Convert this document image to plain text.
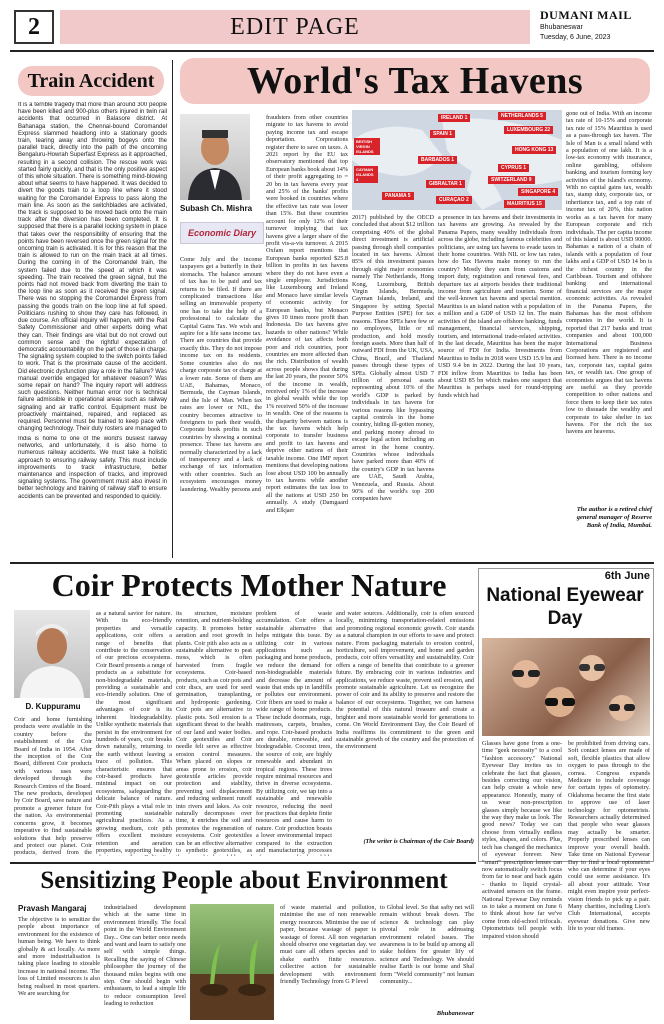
2	EDIT PAGE	DUMANI MAIL
Bhubaneswar
Tuesday, 6 June, 2023
Train Accident
It is a terrible tragedy that more than around 300 people have been killed and 900-plus others injured in twin rail accidents that occurred in Balasore district. At Bahanaga station, the Chennai-bound Coromandel Express slammed headlong into a stationary goods train, tearing away and throwing bogeys onto the parallel track, directly into the path of the oncoming Bengaluru-Howrah Superfast Express as it approached, resulting in a second collision. The rescue work was started fairly quickly, and that is the only positive aspect of this whole situation. There is something mind-blowing about what seems to have happened. It was decided to divert the goods train to a loop line where it stood waiting for the Coromandel Express to pass along the main line. As soon as the switchblades are activated, the track is supposed to be moved back onto the main track after the diversion has been completed. It is supposed that there is a parallel locking system in place that takes over the responsibility of ensuring that the points have been reversed once the green signal for the oncoming train is activated. It is for this reason that the train is allowed to run on the main track at all times. During the coming in of the Coromandel train, the system failed due to the speed at which it was speeding. The train received the green signal, but the points had not moved back from diverting the train to the loop line as soon as it received the green signal. There was no stopping the Coromandel Express from passing the goods train on the loop line at full speed. Politicians rushing to show they care has followed, in due course. An official inquiry will happen, with the Rail Safety Commissioner and other experts doing what they can. Their findings are vital but do not crowd out common sense and the rightful expectation of democratic accountability on the part of those in charge. The signaling system coupled to the switch points failed to work. That is the proximate cause of the accident. Did electronic dysfunction play a role in the failure? Was manual override engaged for whatever reason? Was some repair on hand? The inquiry report will address such questions. Neither human error nor is technical failure admissible in operational areas such as railway signaling and air traffic control. Equipment must be proactively maintained, repaired, and replaced as required. Personnel must be trained to keep pace with changing technology. Their duty rosters are managed to
India is home to one of the world's busiest railway networks, and unfortunately, it is also home to numerous railway accidents. We must take a holistic approach to ensuring railway safety. This must include improvements to track infrastructure, better maintenance and inspection of tracks, and improved signaling systems. The government must also invest in better technology and training of railway staff to ensure accidents can be prevented and responded to quickly.
World's Tax Havens
Subash Ch. Mishra
Economic Diary
Come July and the income taxpayers get a butterfly in their stomachs. The balance amount of tax has to be paid and tax returns to be filed. If there are complicated transactions like selling an immovable property one has to take the help of a professional to calculate the Capital Gains Tax. We wish and aspire for a life sans income tax. There are countries that provide exactly this. They do not impose income tax on its residents. Some countries also do not charge corporate tax or charge at a lower rate. Some of them are UAE, Bahamas, Monaco, Bermuda, the Cayman Islands, and the Isle of Man. When tax rates are lower or NIL, the country becomes attractive to foreigners to park their wealth. Corporate book profits in such countries by showing a nominal presence. These tax havens are normally characterized by a lack of transparency and a lack of exchange of tax information with other countries. Such an ecosystem encourages money laundering. Wealthy persons and
fraudsters from other countries migrate to tax havens to avoid paying income tax and escape deportation. Corporations register there to save on taxes. A 2021 report by the EU tax observatory mentioned that top European banks book about 14% of their profit aggregating to = 20 bn in tax havens every year and 25% of the banks' profits were booked in countries where the effective tax rate was lower than 15%. But these countries account for only 12% of their turnover implying that tax havens give a larger share of the profit vis-a-vis turnover. A 2015 Oxfam report mentions that European banks reported $25.8 billion in profits in tax havens where they do not have even a single employee. Jurisdictions like Luxembourg and Ireland and Monaco have similar levels of economic activity for European banks, but Monaco gives 10 times more profit than Indonesia. Do tax havens give hazards to other nations? While avoidance of tax affects both poor and rich countries, poor countries are more affected than the rich. Distribution of wealth across people shows that during the last 20 years, the poorer 50% of the income in wealth, received only 1% of the increase in global wealth while the top 1% received 50% of the increase in wealth. One of the reasons is the disparity between nations is the tax havens which help corporate to transfer business and profit to tax havens and deprive other nations of their taxable income. One IMF report mentions that developing nations lose about USD 100 bn annually to tax havens while another report estimates the tax loss to all the nations at USD 250 bn annually. A study (Damgaard and Elkjaer
IRELAND 1	NETHERLANDS 5
SPAIN 1
LUXEMBOURG 22
BRITISH VIRGIN ISLANDS	HONG KONG 13
BARBADOS 1
CAYMAN ISLANDS 4
CYPRUS 1
GIBRALTAR 1
SWITZERLAND 9
SINGAPORE 4
PANAMA 5
CURAÇAO 2
MAURITIUS 15
2017) published by the OECD concluded that about $12 trillion comprising 40% of the global direct investment is artificial passing through shell companies located in tax havens. Almost 85% of this investment passes through eight major economies namely The Netherlands, Hong Kong, Luxemburg, British Virgin Islands, Bermuda, Cayman Islands, Ireland, and Singapore by setting Special Purpose Entities (SPE) for tax reasons. These SPEs have few or no employees, little or nil production, and hold mostly foreign assets. More than half of outward FDI from the UK, USA, China, Brazil, and Thailand passes through these types of SPEs. Globally almost USD 7 trillion of personal assets representing about 10% of the world's GDP is parked by individuals in tax havens for various reasons like bypassing capital controls in the home country, hiding ill-gotten money, and parking money abroad to escape legal action including an arrest in the home country. Countries whose individuals have parked more than 40% of the country's GDP in tax havens are UAE, Saudi Arabia, Venezuela, and Russia. About 90% of the world's top 200 companies have
a presence in tax havens and their investments in tax havens are growing. As revealed by the Panama Papers, many wealthy individuals from across the globe, including famous celebrities and politicians, are using tax havens to evade taxes in their home countries. With NIL or low tax rates, how do Tax Havens make money to run the country? Mostly they earn from customs and import duty, registration and renewal fees, and departure tax at airports besides their traditional income from agriculture and tourism. Some of the well-known tax havens and special mention. Mauritius is an island nation with a population of a million and a GDP of USD 12 bn. The main activities of the island are offshore banking, funds management, financial services, shipping, tourism, and international trade-related activities. In the last decade, Mauritius has been the major source of FDI for India. Investments from Mauritius to India in 2018 were USD 15.9 bn and USD 9.4 bn in 2022. During the last 10 years, FDI inflow from Mauritius to India has been about USD 85 bn which makes one suspect that Mauritius is perhaps used for round-tripping funds which had
gone out of India. With an income tax rate of 10-15% and corporate tax rate of 15% Mauritius is used as a pass-through tax haven. The Isle of Man is a small island with a population of one lakh. It is a low-tax economy with insurance, online gambling, offshore banking, and tourism forming key activities of the island's economy. With no capital gains tax, wealth tax, stamp duty, corporate tax, or inheritance tax, and a top rate of income tax of 20%, this nation works as a tax haven for many European corporate and rich individuals. The per capita income of this island is about USD 90000. Bahamas a nation of a chain of islands with a population of four lakhs and a GDP of USD 14 bn is the richest country in the Caribbean. Tourism and offshore banking and international financial services are the major economic activities. As revealed in the Panama Papers, the Bahamas has the most offshore companies in the world. It is reported that 217 banks and trust companies and about 100,000 International Business Corporations are registered and licensed here. There is no income tax, corporate tax, capital gains tax, or wealth tax. One group of economists argues that tax havens are useful as they provide competition to other nations and force them to keep their tax rates low to dissuade the wealthy and corporate to take shelter in tax havens. For the rich the tax havens are heavens.
The author is a retired chief general manager of Reserve Bank of India, Mumbai.
Coir Protects Mother Nature
D. Kuppuramu
Coir and home furnishing products were available in the country before the establishment of the Coir Board of India in 1954. After the inception of the Coir Board, different Coir products with various uses were developed through the Research Centres of the Board. The new products, developed by Coir Board, save nature and promote a greener future for the nation. As environmental concerns grow, it becomes imperative to find sustainable solutions that help preserve and protect our planet. Coir products, derived from the
as a natural savior for nature. With its eco-friendly properties and versatile applications, coir offers a range of benefits that contribute to the conservation of our precious ecosystems. Coir Board presents a range of products as a substitute for non-biodegradable materials, providing a sustainable and eco-friendly solution. One of the most significant advantages of coir is its inherent biodegradability. Unlike synthetic materials that persist in the environment for hundreds of years, coir breaks down naturally, returning to the earth without leaving a trace of pollution. This characteristic ensures that coir-based products have minimal impact on our ecosystems, safeguarding the delicate balance of nature. Coir-Pith plays a vital role in promoting sustainable agricultural practices. As a growing medium, coir pith offers excellent moisture retention and aeration properties, supporting healthy
its structure, moisture retention, and nutrient-holding capacity. It promotes better aeration and root growth in plants. Coir pith also acts as a sustainable alternative to peat moss, which is often harvested from fragile ecosystems. Coir-based products, such as coir pots and coir discs, are used for seed germination, transplanting, and hydroponic gardening. Coir pots are alternative to plastic pots. Soil erosion is a significant threat to the health of our land and water bodies. Coir geotextiles and Coir needle felt serve as effective erosion control measures. When placed on slopes or areas prone to erosion, coir geotextile articles provide protection and stability, preventing soil displacement and reducing sediment runoff into rivers and lakes. As coir naturally decomposes over time, it enriches the soil and promotes the regeneration of ecosystems. Coir geotextiles can be an effective alternative to synthetic geotextiles, as
problem of waste accumulation. Coir offers a sustainable alternative that helps mitigate this issue. By utilizing coir in various applications such as packaging and home products, we reduce the demand for non-biodegradable materials and decrease the amount of waste that ends up in landfills or pollutes our environment. Coir fibers are used to make a wide range of home products. These include doormats, rugs, mattresses, carpets, brushes, and rope. Coir-based products are durable, renewable, and biodegradable. Coconut trees, the source of coir, are highly renewable and abundant in tropical regions. These trees require minimal resources and thrive in diverse ecosystems. By utilizing coir, we tap into a sustainable and renewable resource, reducing the need for practices that deplete finite resources and cause harm to nature. Coir production boasts a lower environmental impact compared to the extraction and manufacturing processes
and water sources. Additionally, coir is often sourced locally, minimizing transportation-related emissions and promoting regional economic growth. Coir stands as a natural champion in our efforts to save and protect nature. From packaging materials to erosion control, horticulture, soil improvement, and home and garden products, coir offers versatility and sustainability. Coir offers a range of benefits that contribute to a greener future. By embracing coir in various industries and applications, we reduce waste, prevent soil erosion, and promote sustainable agriculture. Let us recognize the power of coir and its ability to preserve and restore the balance of our ecosystems. Together, we can harness the potential of this natural treasure and create a brighter and more sustainable world for generations to come. On World Environment Day, the Coir Board of India reaffirms its commitment to the green and sustainable growth of the country and the protection of the environment
(The writer is Chairman of the Coir Board)
6th June
National Eyewear Day
Glasses have gone from a one-time "geek necessity" to a cool "fashion accessory." National Eyewear Day invites us to celebrate the fact that glasses, besides correcting our vision, can help create a whole new appearance. Honestly, many of us wear non-prescription glasses simply because we like the way they make us look. The good news? Today we can choose from virtually endless styles, shapes, and colors. Plus, tech has changed the mechanics of eyewear forever. New "smart" prescription lenses can now automatically switch focus from far to near and back again - thanks to liquid crystal-activated sensors on the frame. National Eyewear Day reminds us to take a moment on June 6 to think about how far we've come from old-school trifocals. Optometrists tell people with impaired vision should
be prohibited from driving cars. Soft contact lenses are made of soft, flexible plastics that allow oxygen to pass through to the cornea. Congress expands Medicare to include coverage for certain types of optometry. Oklahoma became the first state to approve use of laser technology for optometrists. Researchers actually determined that people who wear glasses may actually be smarter. Properly prescribed lenses can improve your overall health. Take time on National Eyewear Day to find a local optometrist who can determine if your eyes could use some assistance. It's all about your attitude. Your might even inspire your perfect-vision friends to pick up a pair. Many charities, including Lion's Club International, accepts eyewear donations. Give new life to your old frames.
Sensitizing People about Environment
Pravash Mangaraj
The objective is to sensitize the people about importance of environment for the existence of human being. We have to think globally & act locally. As more and more industrialisation is taking place leading to sizeable increase in national income. The loss of Limited resources is also being realised in most quarters. We are searching for
industrialised development which at the same time in environment friendly. The focal point in the World Environment Day... One can better once needs and want and learn to satisfy one self with simple things. Recalling the saying of Chinese philosopher the journey of the thousand miles begins with one step. One should begin with enthusiasm, to lead a simple life to reduce consumption level leading to reduction
of waste material and pollution, minimise the use of non renewable energy resources. Minimise the use of paper, because wastage of paper is wastage of forest. All non vegetarian should observe one vegetarian day. we must care all others species and to shake earth's finite resources. collective action for sustainable development with environment friendly Technology from G P level
to Global level. So that safty net will remain without break down. The science & technology can play pivotal role in addressing environment related issues. The awareness is to be build up among all stake holders for greater lify of science and Technology. We should realise Earth is our home and Shal form "World community" not human community...
Bhubaneswar
